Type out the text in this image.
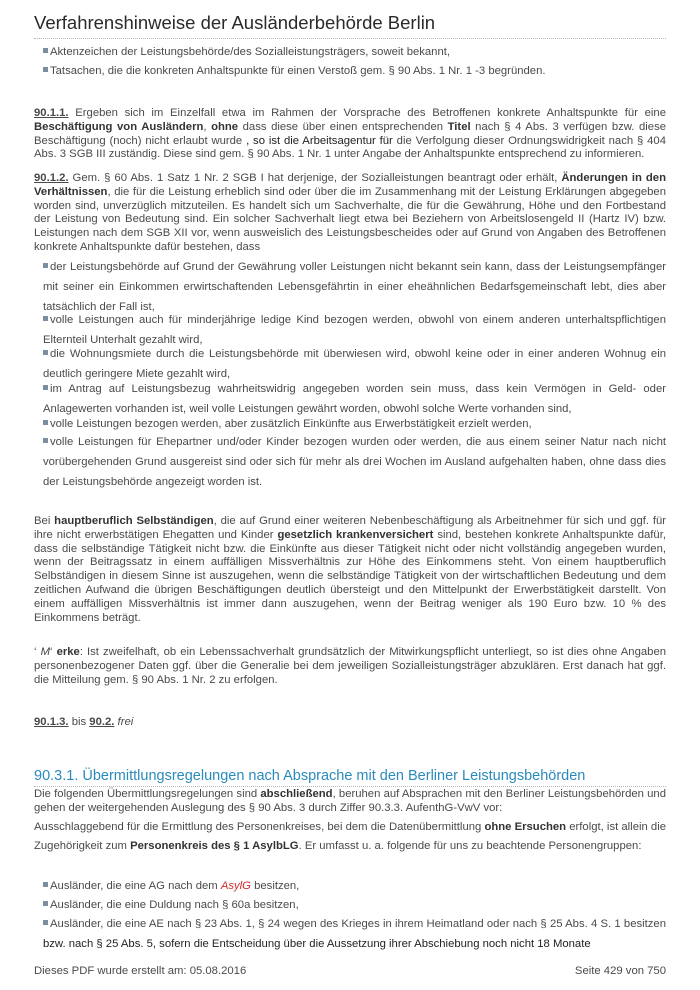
Verfahrenshinweise der Ausländerbehörde Berlin
Aktenzeichen der Leistungsbehörde/des Sozialleistungsträgers, soweit bekannt,
Tatsachen, die die konkreten Anhaltspunkte für einen Verstoß gem. § 90 Abs. 1 Nr. 1 -3 begründen.
90.1.1. Ergeben sich im Einzelfall etwa im Rahmen der Vorsprache des Betroffenen konkrete Anhaltspunkte für eine Beschäftigung von Ausländern, ohne dass diese über einen entsprechenden Titel nach § 4 Abs. 3 verfügen bzw. diese Beschäftigung (noch) nicht erlaubt wurde , so ist die Arbeitsagentur für die Verfolgung dieser Ordnungswidrigkeit nach § 404 Abs. 3 SGB III zuständig. Diese sind gem. § 90 Abs. 1 Nr. 1 unter Angabe der Anhaltspunkte entsprechend zu informieren.
90.1.2. Gem. § 60 Abs. 1 Satz 1 Nr. 2 SGB I hat derjenige, der Sozialleistungen beantragt oder erhält, Änderungen in den Verhältnissen, die für die Leistung erheblich sind oder über die im Zusammenhang mit der Leistung Erklärungen abgegeben worden sind, unverzüglich mitzuteilen. Es handelt sich um Sachverhalte, die für die Gewährung, Höhe und den Fortbestand der Leistung von Bedeutung sind. Ein solcher Sachverhalt liegt etwa bei Beziehern von Arbeitslosengeld II (Hartz IV) bzw. Leistungen nach dem SGB XII vor, wenn ausweislich des Leistungsbescheides oder auf Grund von Angaben des Betroffenen konkrete Anhaltspunkte dafür bestehen, dass
der Leistungsbehörde auf Grund der Gewährung voller Leistungen nicht bekannt sein kann, dass der Leistungsempfänger mit seiner ein Einkommen erwirtschaftenden Lebensgefährtin in einer eheähnlichen Bedarfsgemeinschaft lebt, dies aber tatsächlich der Fall ist,
volle Leistungen auch für minderjährige ledige Kind bezogen werden, obwohl von einem anderen unterhaltspflichtigen Elternteil Unterhalt gezahlt wird,
die Wohnungsmiete durch die Leistungsbehörde mit überwiesen wird, obwohl keine oder in einer anderen Wohnug ein deutlich geringere Miete gezahlt wird,
im Antrag auf Leistungsbezug wahrheitswidrig angegeben worden sein muss, dass kein Vermögen in Geld- oder Anlagewerten vorhanden ist, weil volle Leistungen gewährt worden, obwohl solche Werte vorhanden sind,
volle Leistungen bezogen werden, aber zusätzlich Einkünfte aus Erwerbstätigkeit erzielt werden,
volle Leistungen für Ehepartner und/oder Kinder bezogen wurden oder werden, die aus einem seiner Natur nach nicht vorübergehenden Grund ausgereist sind oder sich für mehr als drei Wochen im Ausland aufgehalten haben, ohne dass dies der Leistungsbehörde angezeigt worden ist.
Bei hauptberuflich Selbständigen, die auf Grund einer weiteren Nebenbeschäftigung als Arbeitnehmer für sich und ggf. für ihre nicht erwerbstätigen Ehegatten und Kinder gesetzlich krankenversichert sind, bestehen konkrete Anhaltspunkte dafür, dass die selbständige Tätigkeit nicht bzw. die Einkünfte aus dieser Tätigkeit nicht oder nicht vollständig angegeben wurden, wenn der Beitragssatz in einem auffälligen Missverhältnis zur Höhe des Einkommens steht. Von einem hauptberuflich Selbständigen in diesem Sinne ist auszugehen, wenn die selbständige Tätigkeit von der wirtschaftlichen Bedeutung und dem zeitlichen Aufwand die übrigen Beschäftigungen deutlich übersteigt und den Mittelpunkt der Erwerbstätigkeit darstellt. Von einem auffälligen Missverhältnis ist immer dann auszugehen, wenn der Beitrag weniger als 190 Euro bzw. 10 % des Einkommens beträgt.
‘ M‘ erke: Ist zweifelhaft, ob ein Lebenssachverhalt grundsätzlich der Mitwirkungspflicht unterliegt, so ist dies ohne Angaben personenbezogener Daten ggf. über die Generalie bei dem jeweiligen Sozialleistungsträger abzuklären. Erst danach hat ggf. die Mitteilung gem. § 90 Abs. 1 Nr. 2 zu erfolgen.
90.1.3. bis 90.2. frei
90.3.1. Übermittlungsregelungen nach Absprache mit den Berliner Leistungsbehörden
Die folgenden Übermittlungsregelungen sind abschließend, beruhen auf Absprachen mit den Berliner Leistungsbehörden und gehen der weitergehenden Auslegung des § 90 Abs. 3 durch Ziffer 90.3.3. AufenthG-VwV vor:
Ausschlaggebend für die Ermittlung des Personenkreises, bei dem die Datenübermittlung ohne Ersuchen erfolgt, ist allein die Zugehörigkeit zum Personenkreis des § 1 AsylbLG. Er umfasst u. a. folgende für uns zu beachtende Personengruppen:
Ausländer, die eine AG nach dem AsylG besitzen,
Ausländer, die eine Duldung nach § 60a besitzen,
Ausländer, die eine AE nach § 23 Abs. 1, § 24 wegen des Krieges in ihrem Heimatland oder nach § 25 Abs. 4 S. 1 besitzen bzw. nach § 25 Abs. 5, sofern die Entscheidung über die Aussetzung ihrer Abschiebung noch nicht 18 Monate
Dieses PDF wurde erstellt am: 05.08.2016	Seite 429 von 750
